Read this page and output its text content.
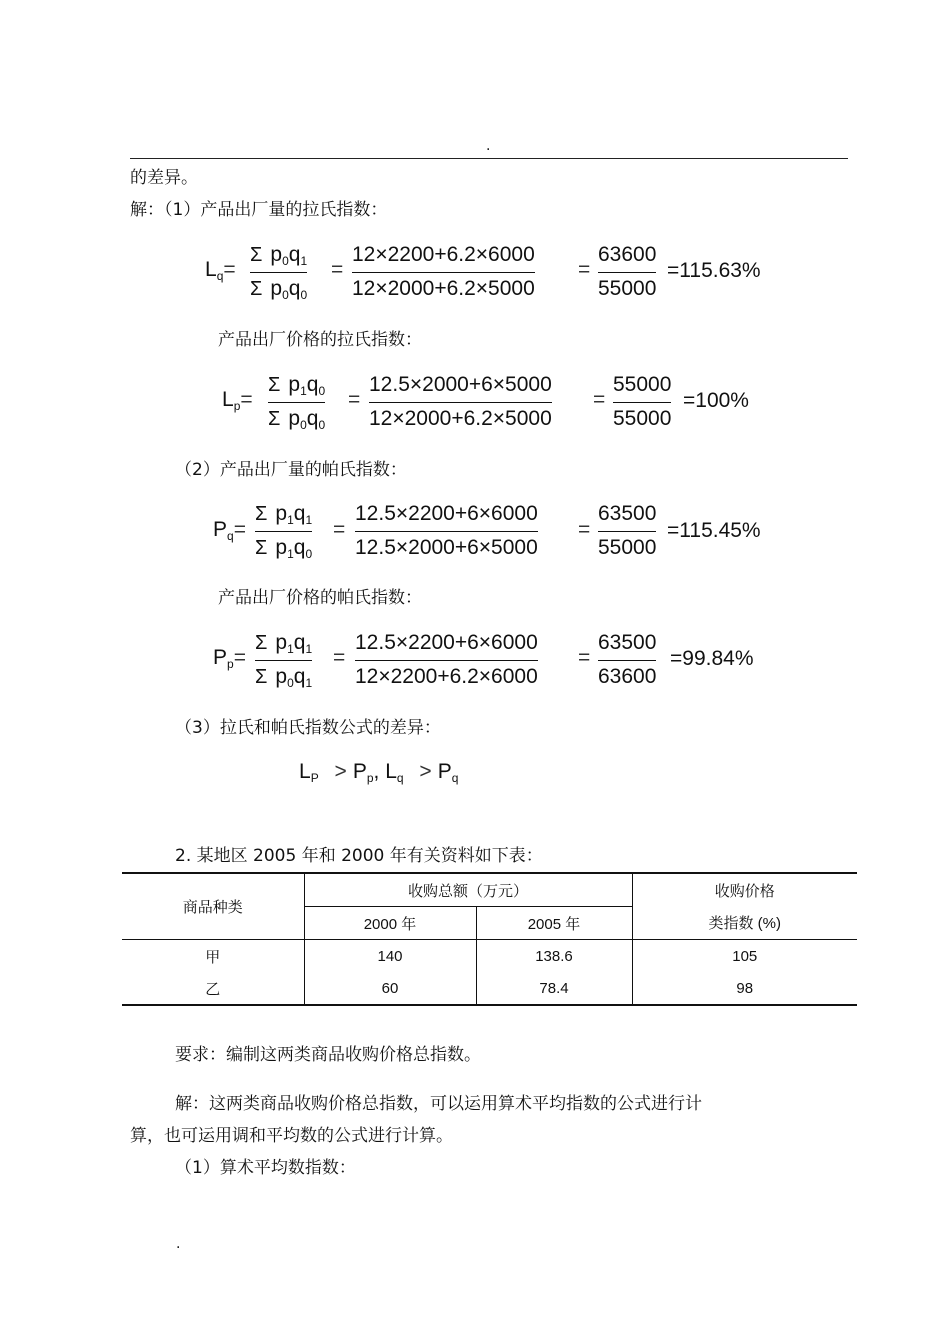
.
的差异。
解：（1）产品出厂量的拉氏指数：
$L_q=$
Σ $p_0q_1$
Σ $p_0q_0$
=
12×2200+6.2×6000
12×2000+6.2×5000
=
63600
55000
=115.63%
产品出厂价格的拉氏指数：
$L_p=$
Σ $p_1q_0$
Σ $p_0q_0$
=
12.5×2000+6×5000
12×2000+6.2×5000
=
55000
55000
=100%
（2）产品出厂量的帕氏指数：
$P_q=$
Σ $p_1q_1$
Σ $p_1q_0$
=
12.5×2200+6×6000
12.5×2000+6×5000
=
63500
55000
=115.45%
产品出厂价格的帕氏指数：
$P_p=$
Σ $p_1q_1$
Σ $p_0q_1$
=
12.5×2200+6×6000
12×2200+6.2×6000
=
63500
63600
=99.84%
（3）拉氏和帕氏指数公式的差异：
$L_P > P_p$, $L_q > P_q$
2. 某地区 2005 年和 2000 年有关资料如下表：
商品种类	收购总额（万元）		收购价格
	2000 年	2005 年	类指数 (%)
甲	140	138.6	105
乙	60	78.4	98
要求：编制这两类商品收购价格总指数。
解：这两类商品收购价格总指数，可以运用算术平均指数的公式进行计
算，也可运用调和平均数的公式进行计算。
（1）算术平均数指数：
.
